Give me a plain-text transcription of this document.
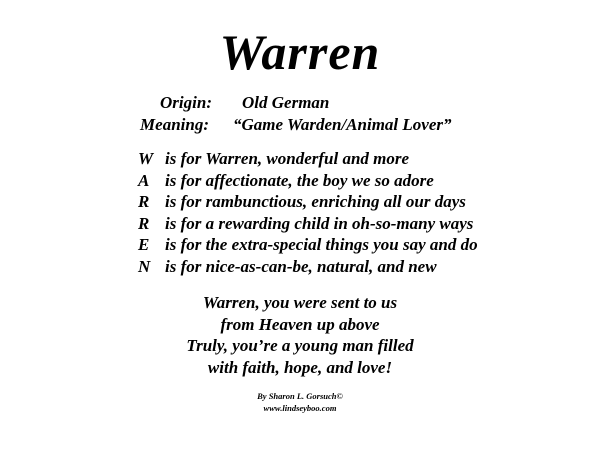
Warren
Origin: Old German
Meaning: “Game Warden/Animal Lover”
W is for Warren, wonderful and more
A is for affectionate, the boy we so adore
R is for rambunctious, enriching all our days
R is for a rewarding child in oh-so-many ways
E is for the extra-special things you say and do
N is for nice-as-can-be, natural, and new
Warren, you were sent to us
from Heaven up above
Truly, you’re a young man filled
with faith, hope, and love!
By Sharon L. Gorsuch©
www.lindseyboo.com
